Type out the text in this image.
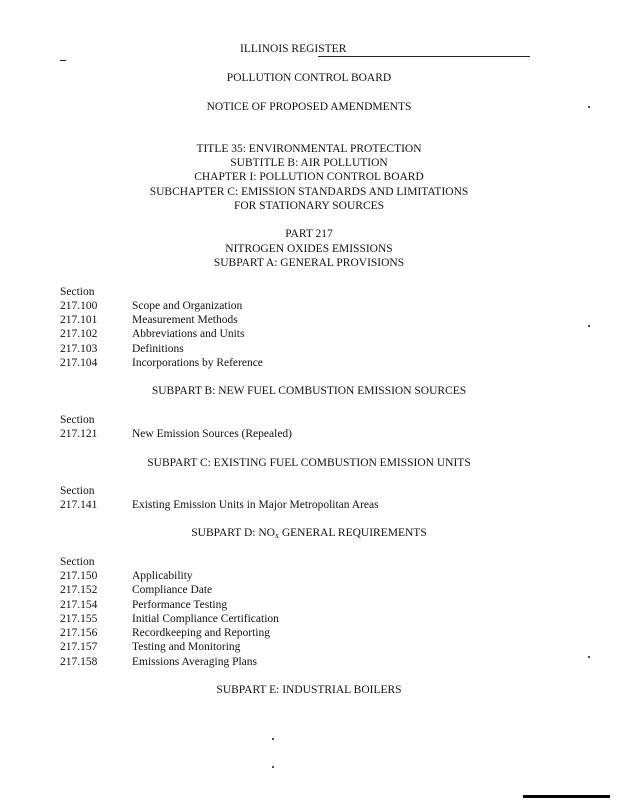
ILLINOIS REGISTER
POLLUTION CONTROL BOARD
NOTICE OF PROPOSED AMENDMENTS
TITLE 35: ENVIRONMENTAL PROTECTION
SUBTITLE B: AIR POLLUTION
CHAPTER I: POLLUTION CONTROL BOARD
SUBCHAPTER C: EMISSION STANDARDS AND LIMITATIONS
FOR STATIONARY SOURCES
PART 217
NITROGEN OXIDES EMISSIONS
SUBPART A: GENERAL PROVISIONS
Section
217.100	Scope and Organization
217.101	Measurement Methods
217.102	Abbreviations and Units
217.103	Definitions
217.104	Incorporations by Reference
SUBPART B: NEW FUEL COMBUSTION EMISSION SOURCES
Section
217.121	New Emission Sources (Repealed)
SUBPART C: EXISTING FUEL COMBUSTION EMISSION UNITS
Section
217.141	Existing Emission Units in Major Metropolitan Areas
SUBPART D: $NO_x$ GENERAL REQUIREMENTS
Section
217.150	Applicability
217.152	Compliance Date
217.154	Performance Testing
217.155	Initial Compliance Certification
217.156	Recordkeeping and Reporting
217.157	Testing and Monitoring
217.158	Emissions Averaging Plans
SUBPART E: INDUSTRIAL BOILERS
